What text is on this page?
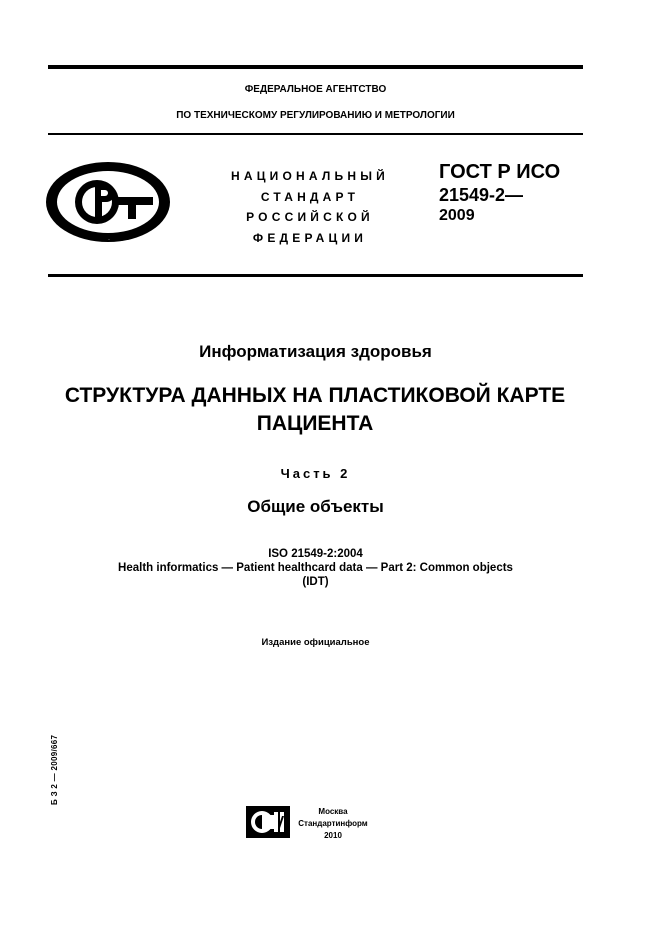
ФЕДЕРАЛЬНОЕ АГЕНТСТВО
ПО ТЕХНИЧЕСКОМУ РЕГУЛИРОВАНИЮ И МЕТРОЛОГИИ
РСТ
НАЦИОНАЛЬНЫЙ
СТАНДАРТ
РОССИЙСКОЙ
ФЕДЕРАЦИИ
ГОСТ Р ИСО
21549-2—
2009
Информатизация здоровья
СТРУКТУРА ДАННЫХ НА ПЛАСТИКОВОЙ КАРТЕ
ПАЦИЕНТА
Часть 2
Общие объекты
ISO 21549-2:2004
Health informatics — Patient healthcard data — Part 2: Common objects
(IDT)
Издание официальное
Б З 2 — 2009/667
СИ
Москва
Стандартинформ
2010
